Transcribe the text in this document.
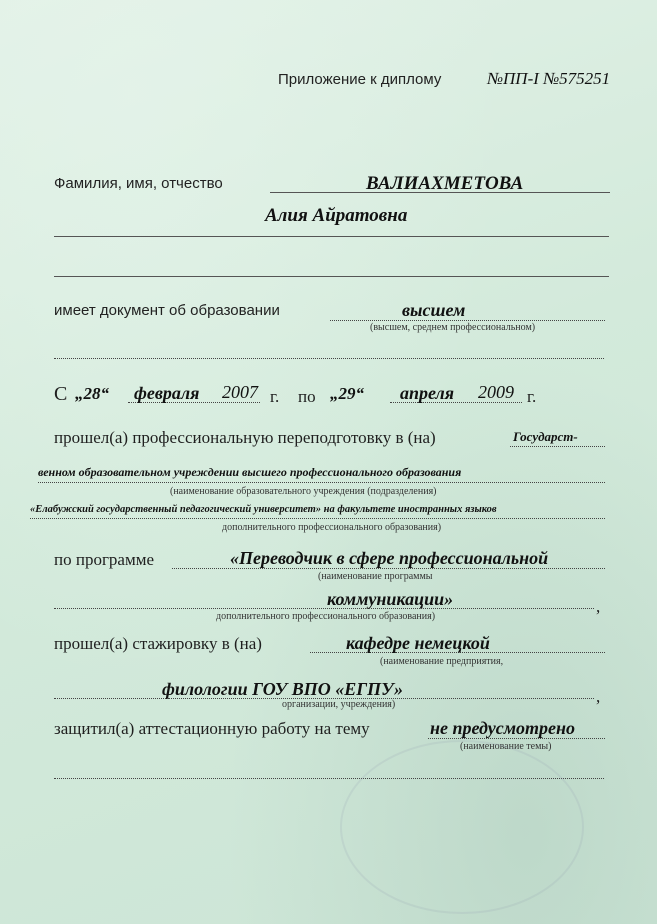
Приложение к диплому	№ПП-I №575251
Фамилия, имя, отчество	ВАЛИАХМЕТОВА
Алия Айратовна
имеет документ об образовании	высшем
(высшем, среднем профессиональном)
С „28“ февраля 2007 г. по „29“ апреля 2009 г.
прошел(а) профессиональную переподготовку в (на)	Государст-
венном образовательном учреждении высшего профессионального образования
(наименование образовательного учреждения (подразделения)
«Елабужский государственный педагогический университет» на факультете иностранных языков
дополнительного профессионального образования)
по программе	«Переводчик в сфере профессиональной
(наименование программы
коммуникации»	,
дополнительного профессионального образования)
прошел(а) стажировку в (на)	кафедре немецкой
(наименование предприятия,
филологии ГОУ ВПО «ЕГПУ»	,
организации, учреждения)
защитил(а) аттестационную работу на тему	не предусмотрено
(наименование темы)
